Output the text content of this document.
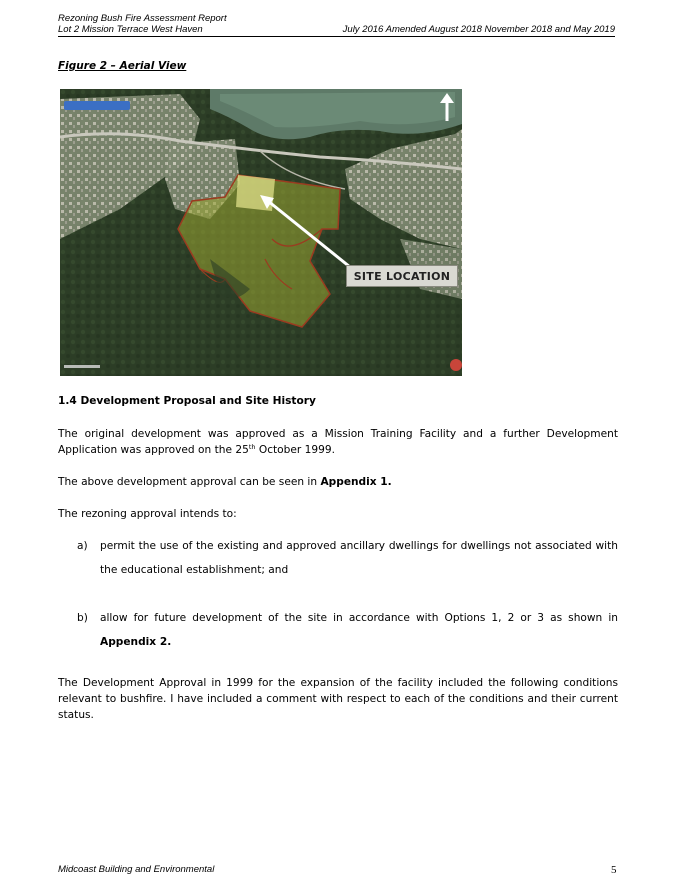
Rezoning Bush Fire Assessment Report
Lot 2 Mission Terrace West Haven	July 2016 Amended August 2018 November 2018 and May 2019
Figure 2 – Aerial View

SITE LOCATION
1.4 Development Proposal and Site History
The original development was approved as a Mission Training Facility and a further Development Application was approved on the 25th October 1999.
The above development approval can be seen in Appendix 1.
The rezoning approval intends to:
a) permit the use of the existing and approved ancillary dwellings for dwellings not associated with the educational establishment; and
b) allow for future development of the site in accordance with Options 1, 2 or 3 as shown in Appendix 2.
The Development Approval in 1999 for the expansion of the facility included the following conditions relevant to bushfire. I have included a comment with respect to each of the conditions and their current status.
Midcoast Building and Environmental	5
